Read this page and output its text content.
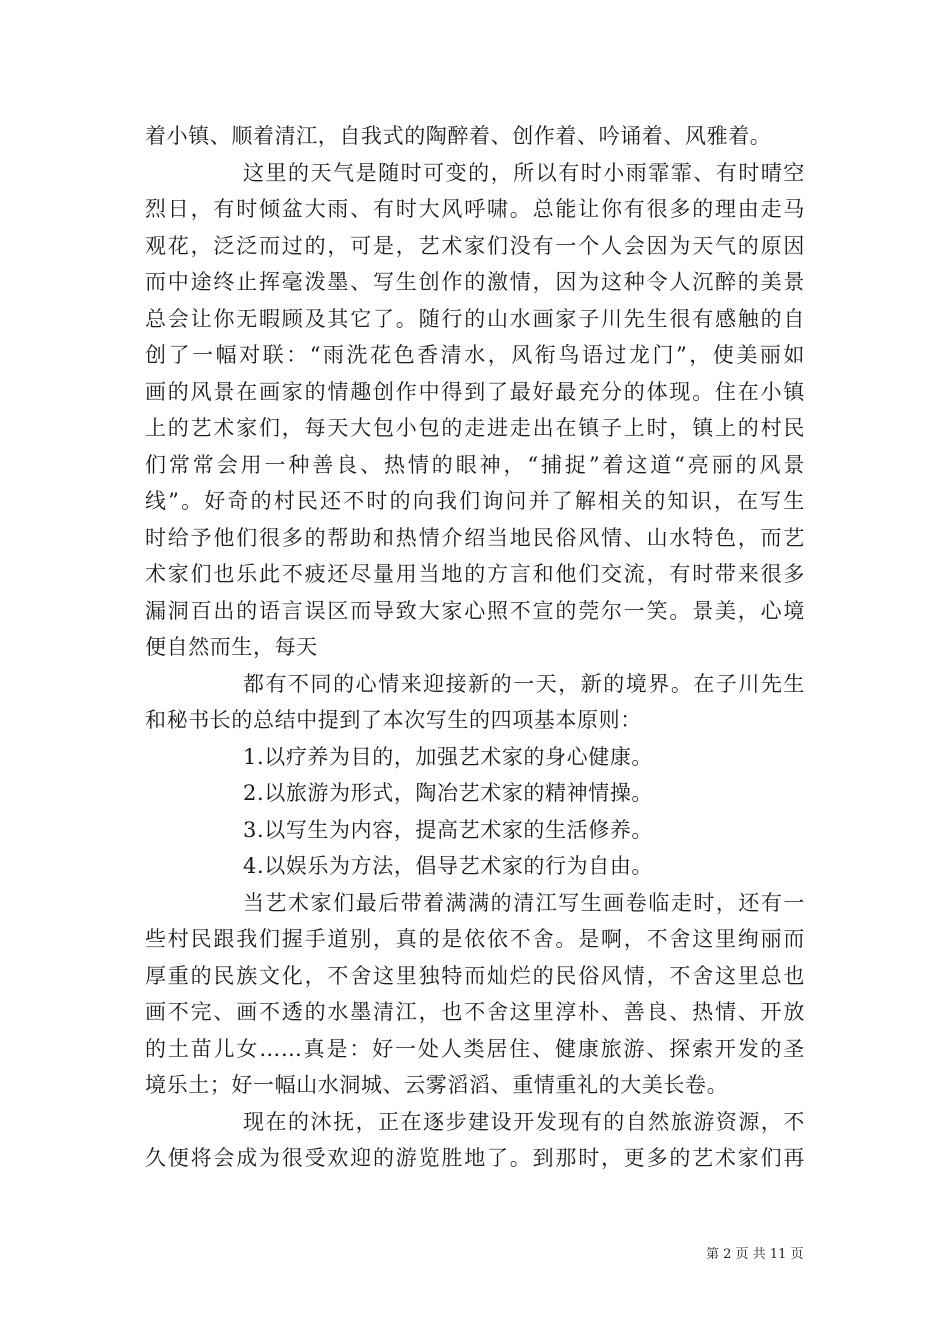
着小镇、顺着清江，自我式的陶醉着、创作着、吟诵着、风雅着。
这里的天气是随时可变的，所以有时小雨霏霏、有时晴空
烈日，有时倾盆大雨、有时大风呼啸。总能让你有很多的理由走马
观花，泛泛而过的，可是，艺术家们没有一个人会因为天气的原因
而中途终止挥毫泼墨、写生创作的激情，因为这种令人沉醉的美景
总会让你无暇顾及其它了。随行的山水画家子川先生很有感触的自
创了一幅对联：“雨洗花色香清水，风衔鸟语过龙门”，使美丽如
画的风景在画家的情趣创作中得到了最好最充分的体现。住在小镇
上的艺术家们，每天大包小包的走进走出在镇子上时，镇上的村民
们常常会用一种善良、热情的眼神，“捕捉”着这道“亮丽的风景
线”。好奇的村民还不时的向我们询问并了解相关的知识，在写生
时给予他们很多的帮助和热情介绍当地民俗风情、山水特色，而艺
术家们也乐此不疲还尽量用当地的方言和他们交流，有时带来很多
漏洞百出的语言误区而导致大家心照不宣的莞尔一笑。景美，心境
便自然而生，每天
都有不同的心情来迎接新的一天，新的境界。在子川先生
和秘书长的总结中提到了本次写生的四项基本原则：
1.以疗养为目的，加强艺术家的身心健康。
2.以旅游为形式，陶冶艺术家的精神情操。
3.以写生为内容，提高艺术家的生活修养。
4.以娱乐为方法，倡导艺术家的行为自由。
当艺术家们最后带着满满的清江写生画卷临走时，还有一
些村民跟我们握手道别，真的是依依不舍。是啊，不舍这里绚丽而
厚重的民族文化，不舍这里独特而灿烂的民俗风情，不舍这里总也
画不完、画不透的水墨清江，也不舍这里淳朴、善良、热情、开放
的土苗儿女……真是：好一处人类居住、健康旅游、探索开发的圣
境乐土；好一幅山水洞城、云雾滔滔、重情重礼的大美长卷。
现在的沐抚，正在逐步建设开发现有的自然旅游资源，不
久便将会成为很受欢迎的游览胜地了。到那时，更多的艺术家们再
第 2 页 共 11 页
